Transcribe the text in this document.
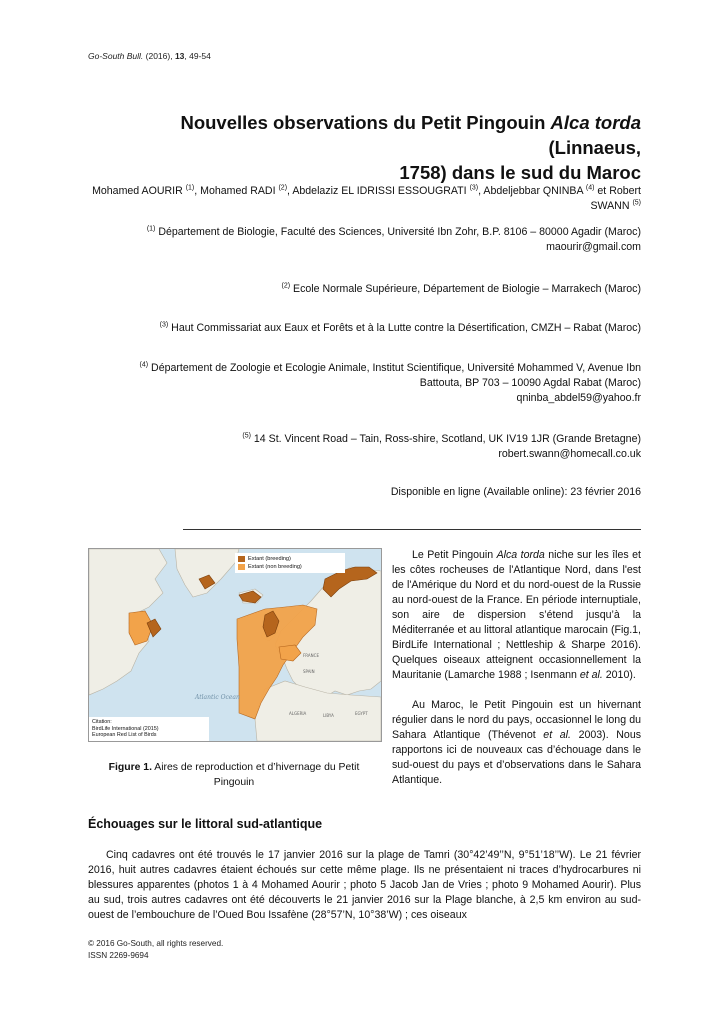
Go-South Bull. (2016), 13, 49-54
Nouvelles observations du Petit Pingouin Alca torda (Linnaeus,
1758) dans le sud du Maroc
Mohamed AOURIR $^{(1)}$, Mohamed RADI $^{(2)}$, Abdelaziz EL IDRISSI ESSOUGRATI $^{(3)}$, Abdeljebbar QNINBA $^{(4)}$ et Robert
SWANN $^{(5)}$
$^{(1)}$ Département de Biologie, Faculté des Sciences, Université Ibn Zohr, B.P. 8106 – 80000 Agadir (Maroc)
maourir@gmail.com
$^{(2)}$ Ecole Normale Supérieure, Département de Biologie – Marrakech (Maroc)
$^{(3)}$ Haut Commissariat aux Eaux et Forêts et à la Lutte contre la Désertification, CMZH – Rabat (Maroc)
$^{(4)}$ Département de Zoologie et Ecologie Animale, Institut Scientifique, Université Mohammed V, Avenue Ibn
Battouta, BP 703 – 10090 Agdal Rabat (Maroc)
qninba_abdel59@yahoo.fr
$^{(5)}$ 14 St. Vincent Road – Tain, Ross-shire, Scotland, UK IV19 1JR (Grande Bretagne)
robert.swann@homecall.co.uk
Disponible en ligne (Available online): 23 février 2016
Atlantic Ocean
SPAIN
FRANCE
ALGERIA	LIBYA	EGYPT
Extant (breeding)
Extant (non breeding)
Citation:
BirdLife International (2015)
European Red List of Birds
Figure 1. Aires de reproduction et d’hivernage du Petit Pingouin

Le Petit Pingouin Alca torda niche sur les îles et les côtes rocheuses de l'Atlantique Nord, dans l'est de l'Amérique du Nord et du nord-ouest de la Russie au nord-ouest de la France. En période internuptiale, son aire de dispersion s’étend jusqu’à la Méditerranée et au littoral atlantique marocain (Fig.1, BirdLife International ; Nettleship & Sharpe 2016). Quelques oiseaux atteignent occasionnellement la Mauritanie (Lamarche 1988 ; Isenmann et al. 2010).

Au Maroc, le Petit Pingouin est un hivernant régulier dans le nord du pays, occasionnel le long du Sahara Atlantique (Thévenot et al. 2003). Nous rapportons ici de nouveaux cas d’échouage dans le sud-ouest du pays et d’observations dans le Sahara Atlantique.

Échouages sur le littoral sud-atlantique

Cinq cadavres ont été trouvés le 17 janvier 2016 sur la plage de Tamri (30°42’49’’N, 9°51’18’’W). Le 21 février 2016, huit autres cadavres étaient échoués sur cette même plage. Ils ne présentaient ni traces d’hydrocarbures ni blessures apparentes (photos 1 à 4 Mohamed Aourir ; photo 5 Jacob Jan de Vries ; photo 9 Mohamed Aourir). Plus au sud, trois autres cadavres ont été découverts le 21 janvier 2016 sur la Plage blanche, à 2,5 km environ au sud-ouest de l’embouchure de l’Oued Bou Issafène (28°57’N, 10°38’W) ; ces oiseaux

© 2016 Go-South, all rights reserved.
ISSN 2269-9694
